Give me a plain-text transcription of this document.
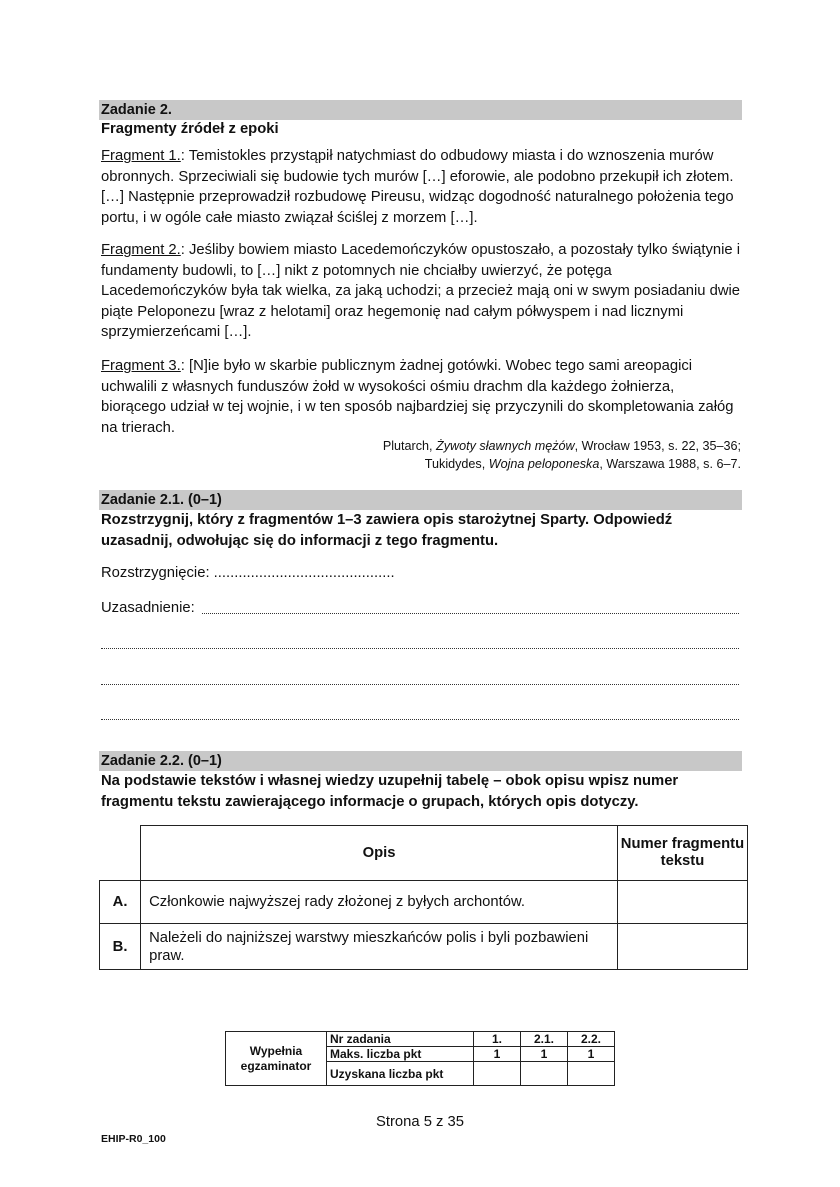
Zadanie 2.
Fragmenty źródeł z epoki
Fragment 1.: Temistokles przystąpił natychmiast do odbudowy miasta i do wznoszenia murów obronnych. Sprzeciwiali się budowie tych murów […] eforowie, ale podobno przekupił ich złotem. […] Następnie przeprowadził rozbudowę Pireusu, widząc dogodność naturalnego położenia tego portu, i w ogóle całe miasto związał ściślej z morzem […].
Fragment 2.: Jeśliby bowiem miasto Lacedemończyków opustoszało, a pozostały tylko świątynie i fundamenty budowli, to […] nikt z potomnych nie chciałby uwierzyć, że potęga Lacedemończyków była tak wielka, za jaką uchodzi; a przecież mają oni w swym posiadaniu dwie piąte Peloponezu [wraz z helotami] oraz hegemonię nad całym półwyspem i nad licznymi sprzymierzeńcami […].
Fragment 3.: [N]ie było w skarbie publicznym żadnej gotówki. Wobec tego sami areopagici uchwalili z własnych funduszów żołd w wysokości ośmiu drachm dla każdego żołnierza, biorącego udział w tej wojnie, i w ten sposób najbardziej się przyczynili do skompletowania załóg na trierach.
Plutarch, Żywoty sławnych mężów, Wrocław 1953, s. 22, 35–36;
Tukidydes, Wojna peloponeska, Warszawa 1988, s. 6–7.
Zadanie 2.1. (0–1)
Rozstrzygnij, który z fragmentów 1–3 zawiera opis starożytnej Sparty. Odpowiedź uzasadnij, odwołując się do informacji z tego fragmentu.
Rozstrzygnięcie: ............................................
Uzasadnienie:
Zadanie 2.2. (0–1)
Na podstawie tekstów i własnej wiedzy uzupełnij tabelę – obok opisu wpisz numer fragmentu tekstu zawierającego informacje o grupach, których opis dotyczy.
	Opis	Numer fragmentu tekstu
A.	Członkowie najwyższej rady złożonej z byłych archontów.	
B.	Należeli do najniższej warstwy mieszkańców polis i byli pozbawieni praw.	
Wypełnia egzaminator	Nr zadania	1.	2.1.	2.2.
	Maks. liczba pkt	1	1	1
	Uzyskana liczba pkt			
Strona 5 z 35
EHIP-R0_100
